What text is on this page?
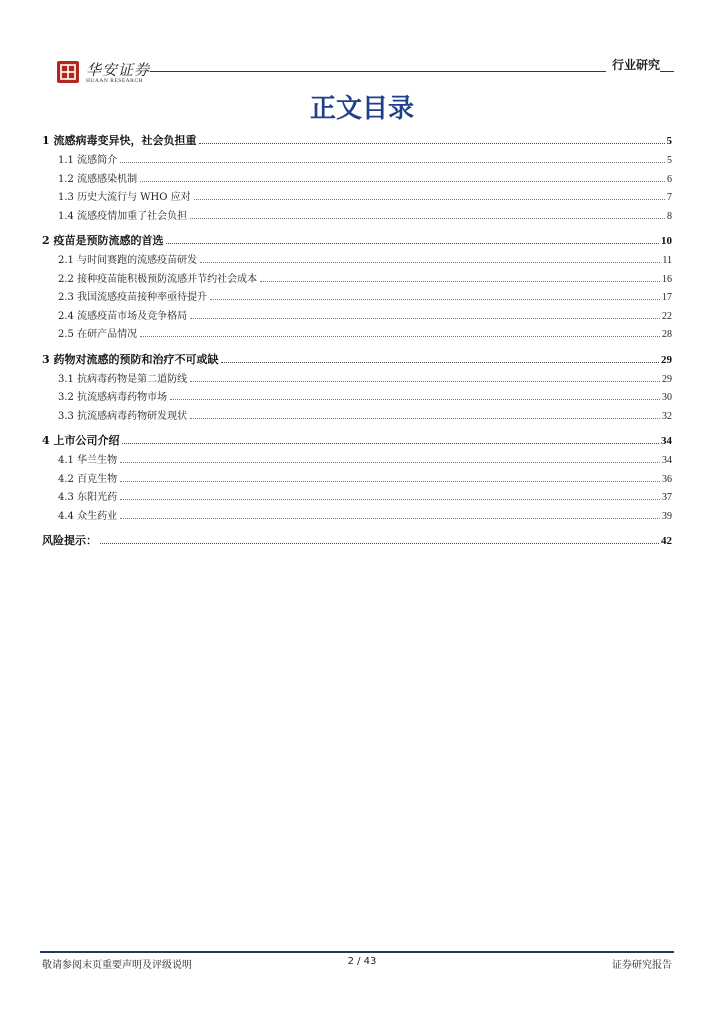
华安证券
HUAAN RESEARCH
行业研究
正文目录
1 流感病毒变异快，社会负担重	5
1.1 流感简介	5
1.2 流感感染机制	6
1.3 历史大流行与 WHO 应对	7
1.4 流感疫情加重了社会负担	8
2 疫苗是预防流感的首选	10
2.1 与时间赛跑的流感疫苗研发	11
2.2 接种疫苗能积极预防流感并节约社会成本	16
2.3 我国流感疫苗接种率亟待提升	17
2.4 流感疫苗市场及竞争格局	22
2.5 在研产品情况	28
3 药物对流感的预防和治疗不可或缺	29
3.1 抗病毒药物是第二道防线	29
3.2 抗流感病毒药物市场	30
3.3 抗流感病毒药物研发现状	32
4 上市公司介绍	34
4.1 华兰生物	34
4.2 百克生物	36
4.3 东阳光药	37
4.4 众生药业	39
风险提示：	42
敬请参阅末页重要声明及评级说明	2 / 43	证券研究报告
